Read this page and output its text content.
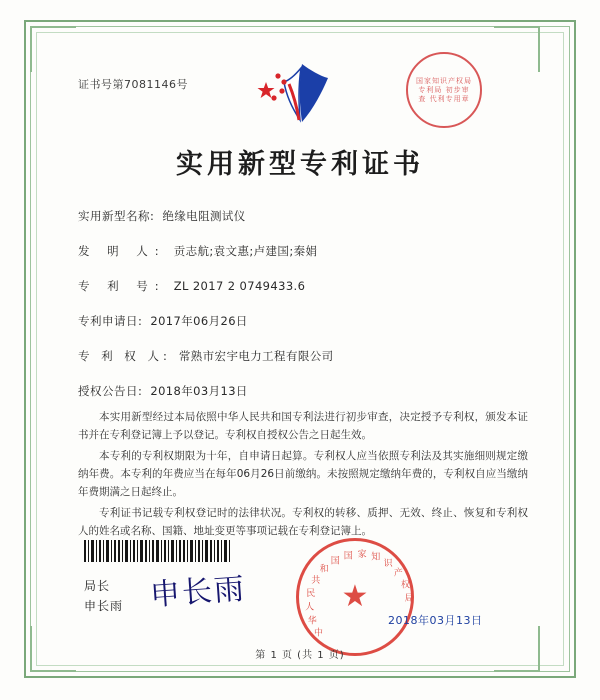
证书号第7081146号	国家知识产权局专利局 初步审查 代利专用章
实用新型专利证书
实用新型名称: 绝缘电阻测试仪
发 明 人: 贡志航;袁文惠;卢建国;秦娟
专 利 号: ZL 2017 2 0749433.6
专利申请日: 2017年06月26日
专 利 权 人: 常熟市宏宇电力工程有限公司
授权公告日: 2018年03月13日

本实用新型经过本局依照中华人民共和国专利法进行初步审查，决定授予专利权，颁发本证书并在专利登记簿上予以登记。专利权自授权公告之日起生效。

本专利的专利权期限为十年，自申请日起算。专利权人应当依照专利法及其实施细则规定缴纳年费。本专利的年费应当在每年06月26日前缴纳。未按照规定缴纳年费的，专利权自应当缴纳年费期满之日起终止。

专利证书记载专利权登记时的法律状况。专利权的转移、质押、无效、终止、恢复和专利权人的姓名或名称、国籍、地址变更等事项记载在专利登记簿上。

局长
申长雨 申长雨
中
华
人
民
共
和
国 国 家 知
识
产
权
局
★
2018年03月13日
第 1 页 (共 1 页)
